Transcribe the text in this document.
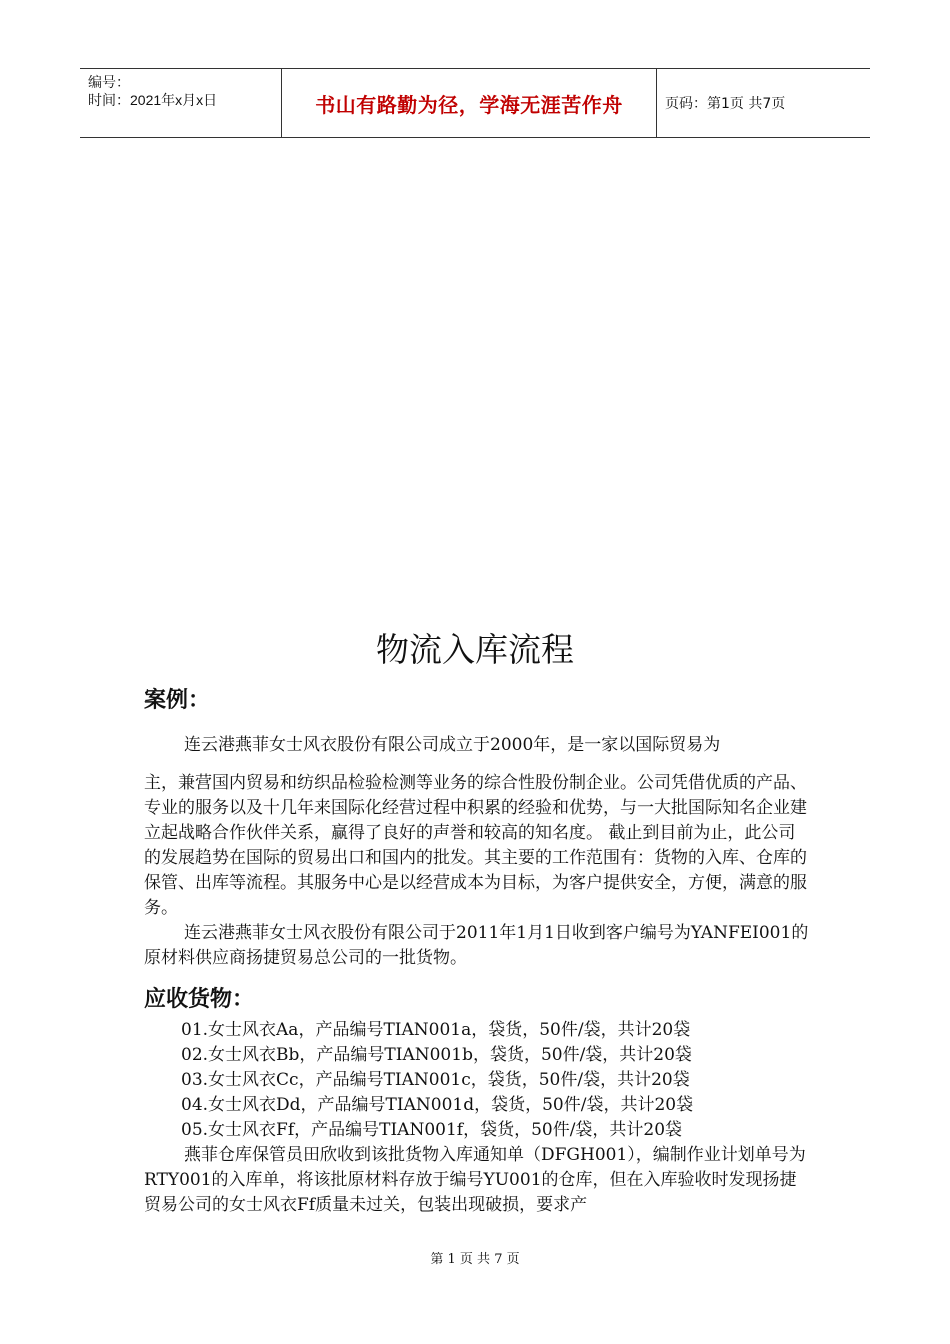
编号：
时间：2021年x月x日	书山有路勤为径，学海无涯苦作舟	页码：第1页 共7页
物流入库流程
案例：
连云港燕菲女士风衣股份有限公司成立于2000年，是一家以国际贸易为
主，兼营国内贸易和纺织品检验检测等业务的综合性股份制企业。公司凭借优质的产品、专业的服务以及十几年来国际化经营过程中积累的经验和优势，与一大批国际知名企业建立起战略合作伙伴关系，赢得了良好的声誉和较高的知名度。 截止到目前为止，此公司的发展趋势在国际的贸易出口和国内的批发。其主要的工作范围有：货物的入库、仓库的保管、出库等流程。其服务中心是以经营成本为目标，为客户提供安全，方便，满意的服务。
连云港燕菲女士风衣股份有限公司于2011年1月1日收到客户编号为YANFEI001的原材料供应商扬捷贸易总公司的一批货物。
应收货物：
01.女士风衣Aa，产品编号TIAN001a，袋货，50件/袋，共计20袋
02.女士风衣Bb，产品编号TIAN001b，袋货，50件/袋，共计20袋
03.女士风衣Cc，产品编号TIAN001c，袋货，50件/袋，共计20袋
04.女士风衣Dd，产品编号TIAN001d，袋货，50件/袋，共计20袋
05.女士风衣Ff，产品编号TIAN001f，袋货，50件/袋，共计20袋
燕菲仓库保管员田欣收到该批货物入库通知单（DFGH001），编制作业计划单号为RTY001的入库单，将该批原材料存放于编号YU001的仓库，但在入库验收时发现扬捷贸易公司的女士风衣Ff质量未过关，包装出现破损，要求产
第 1 页 共 7 页
